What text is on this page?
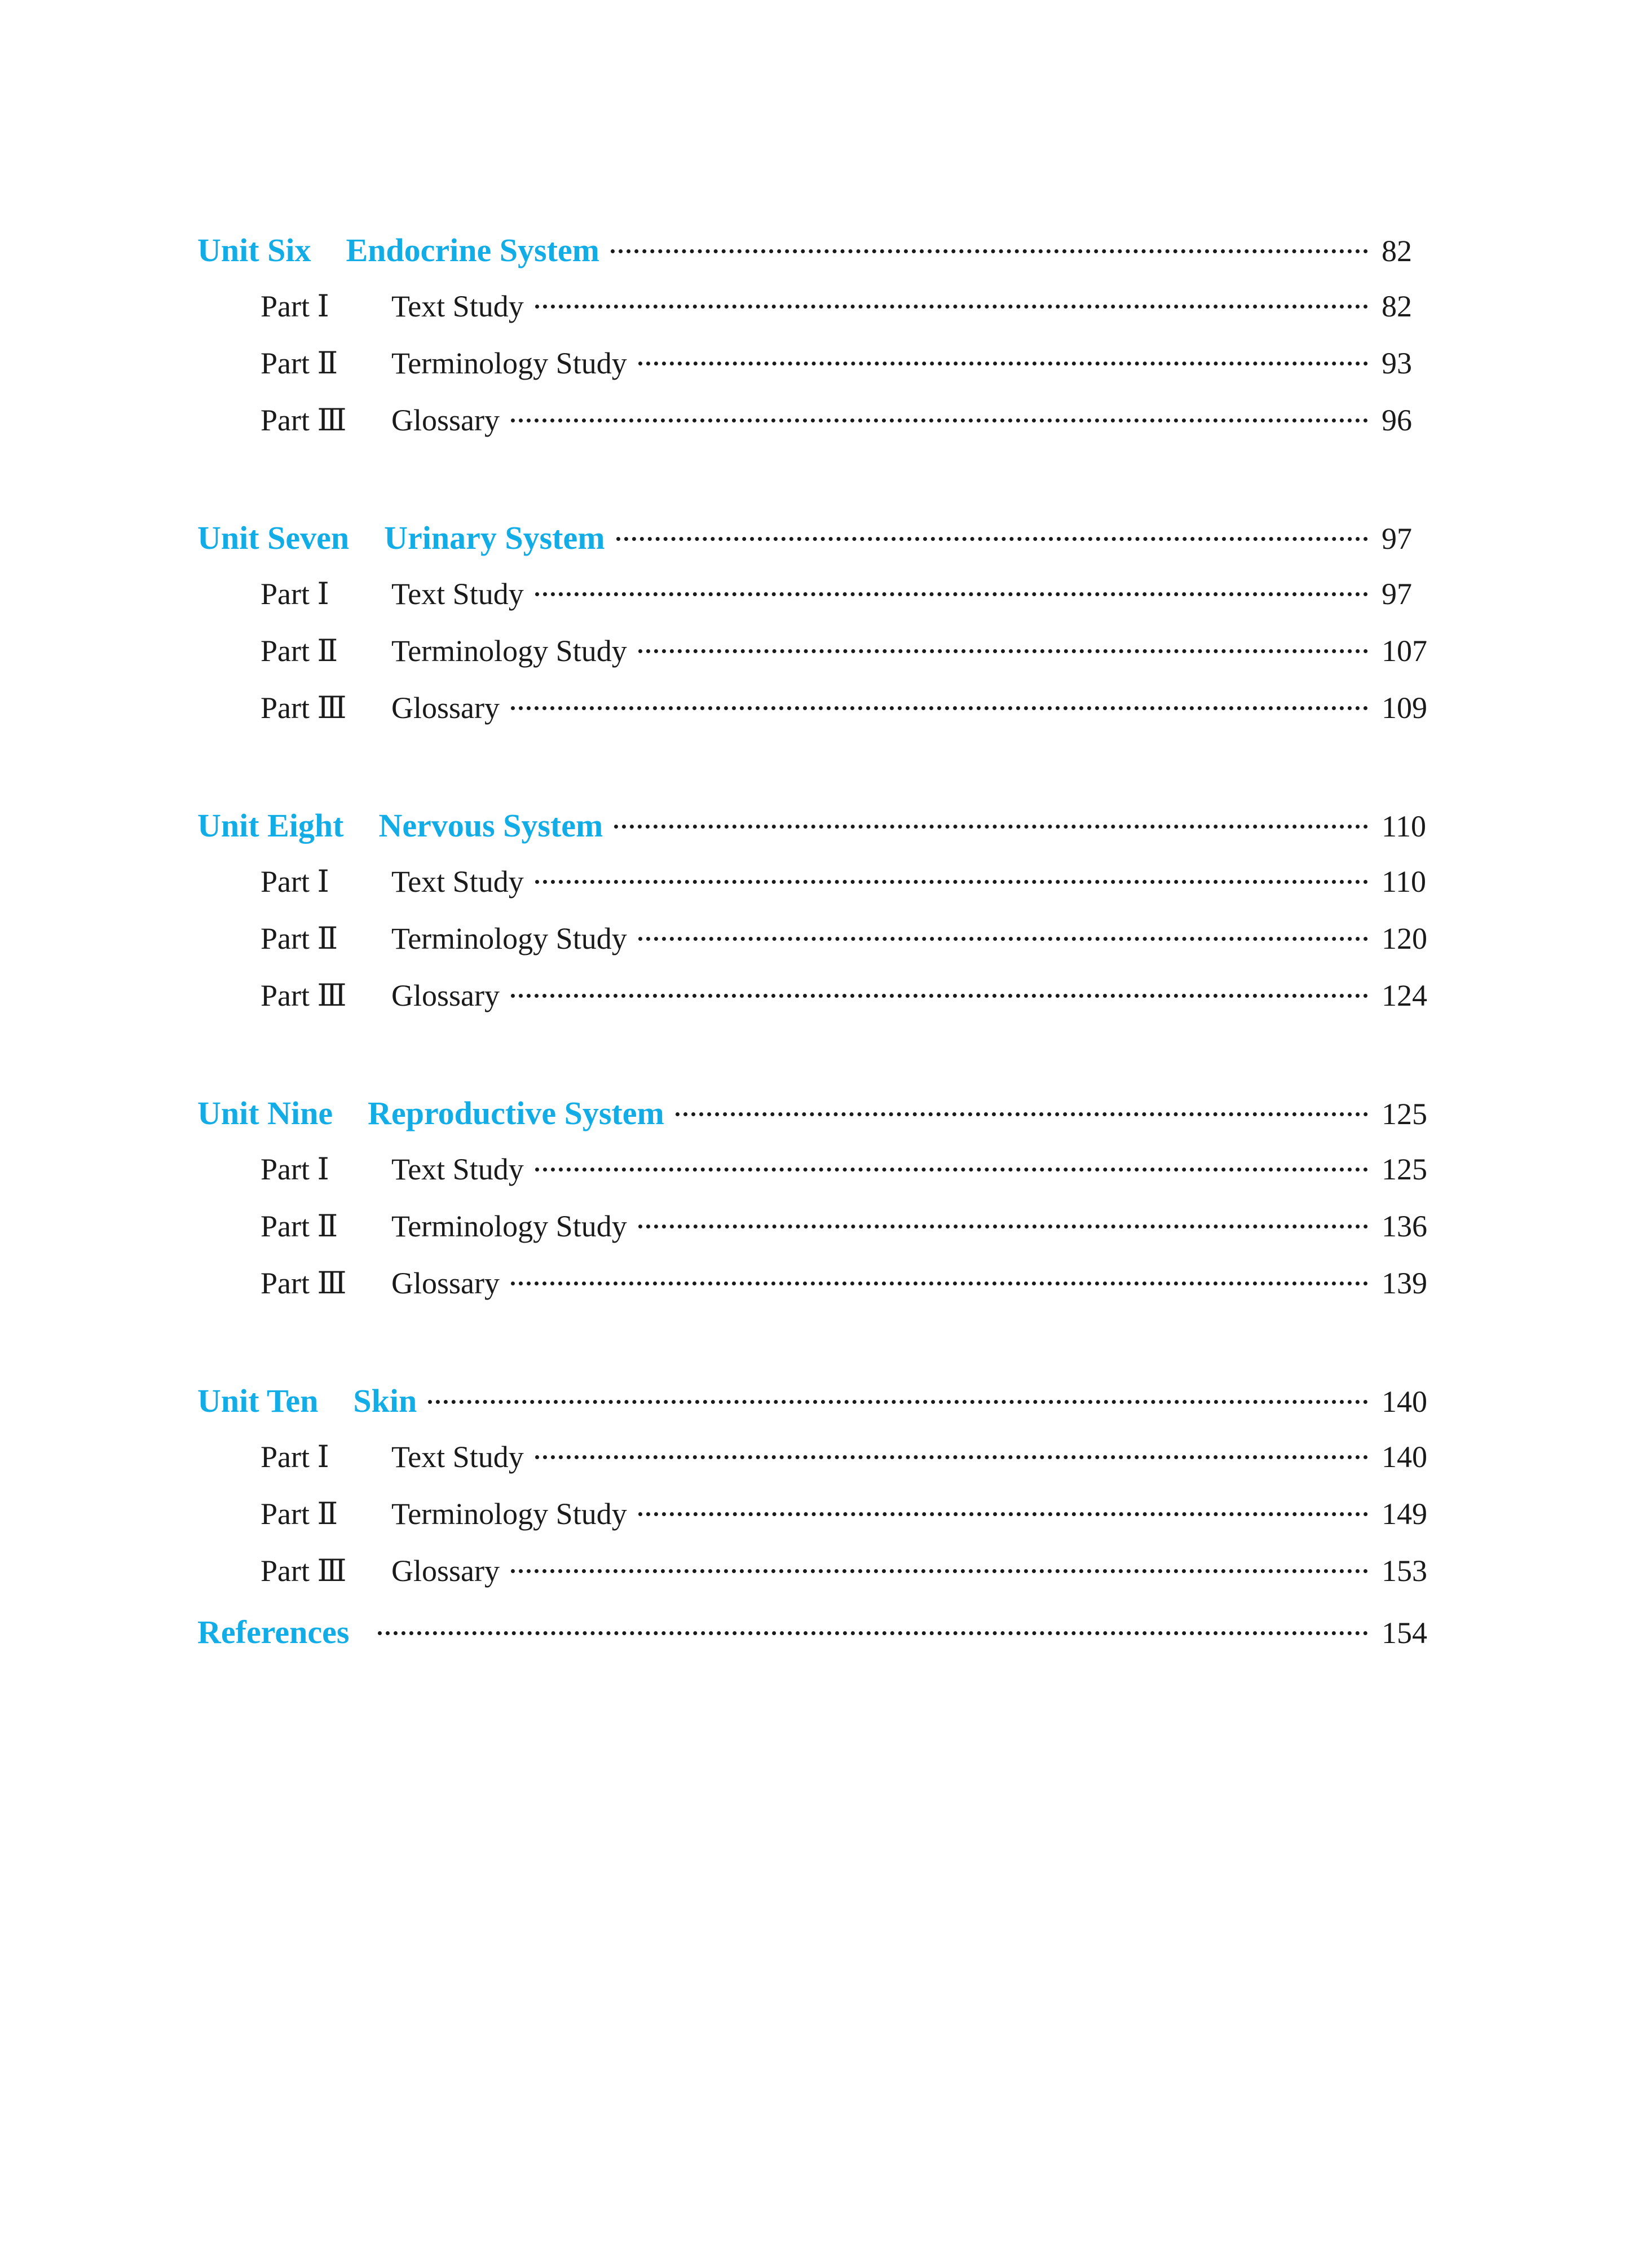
Unit Six Endocrine System	82
Part Ⅰ	Text Study	82
Part Ⅱ	Terminology Study	93
Part Ⅲ	Glossary	96
Unit Seven Urinary System	97
Part Ⅰ	Text Study	97
Part Ⅱ	Terminology Study	107
Part Ⅲ	Glossary	109
Unit Eight Nervous System	110
Part Ⅰ	Text Study	110
Part Ⅱ	Terminology Study	120
Part Ⅲ	Glossary	124
Unit Nine Reproductive System	125
Part Ⅰ	Text Study	125
Part Ⅱ	Terminology Study	136
Part Ⅲ	Glossary	139
Unit Ten Skin	140
Part Ⅰ	Text Study	140
Part Ⅱ	Terminology Study	149
Part Ⅲ	Glossary	153
References	154
